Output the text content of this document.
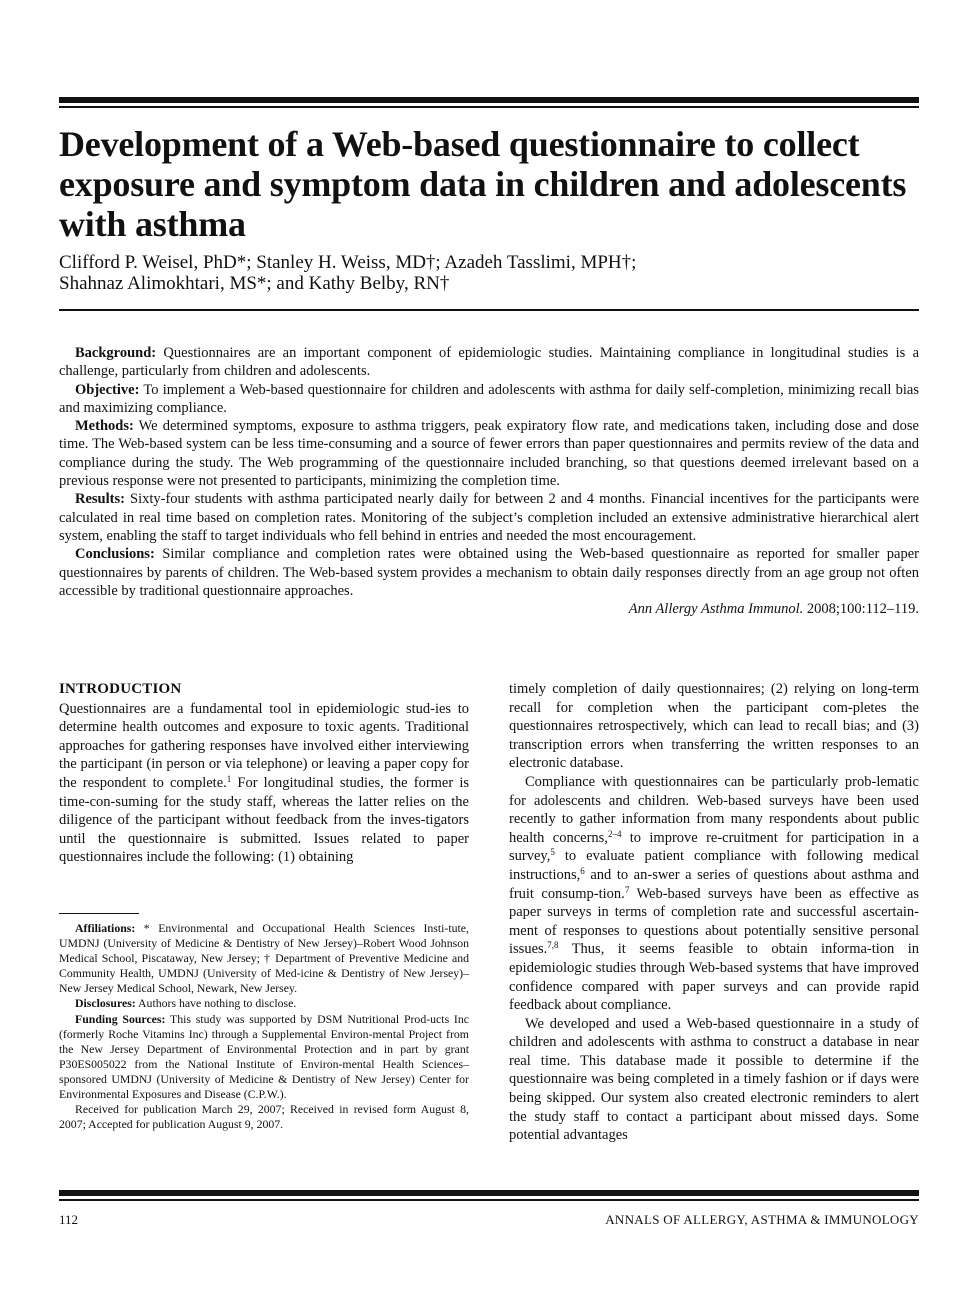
Development of a Web-based questionnaire to collect exposure and symptom data in children and adolescents with asthma
Clifford P. Weisel, PhD*; Stanley H. Weiss, MD†; Azadeh Tasslimi, MPH†;
Shahnaz Alimokhtari, MS*; and Kathy Belby, RN†

Background: Questionnaires are an important component of epidemiologic studies. Maintaining compliance in longitudinal studies is a challenge, particularly from children and adolescents.

Objective: To implement a Web-based questionnaire for children and adolescents with asthma for daily self-completion, minimizing recall bias and maximizing compliance.

Methods: We determined symptoms, exposure to asthma triggers, peak expiratory flow rate, and medications taken, including dose and dose time. The Web-based system can be less time-consuming and a source of fewer errors than paper questionnaires and permits review of the data and compliance during the study. The Web programming of the questionnaire included branching, so that questions deemed irrelevant based on a previous response were not presented to participants, minimizing the completion time.

Results: Sixty-four students with asthma participated nearly daily for between 2 and 4 months. Financial incentives for the participants were calculated in real time based on completion rates. Monitoring of the subject’s completion included an extensive administrative hierarchical alert system, enabling the staff to target individuals who fell behind in entries and needed the most encouragement.

Conclusions: Similar compliance and completion rates were obtained using the Web-based questionnaire as reported for smaller paper questionnaires by parents of children. The Web-based system provides a mechanism to obtain daily responses directly from an age group not often accessible by traditional questionnaire approaches.

Ann Allergy Asthma Immunol. 2008;100:112–119.
INTRODUCTION

Questionnaires are a fundamental tool in epidemiologic stud-ies to determine health outcomes and exposure to toxic agents. Traditional approaches for gathering responses have involved either interviewing the participant (in person or via telephone) or leaving a paper copy for the respondent to complete.$^1$ For longitudinal studies, the former is time-con-suming for the study staff, whereas the latter relies on the diligence of the participant without feedback from the inves-tigators until the questionnaire is submitted. Issues related to paper questionnaires include the following: (1) obtaining

Affiliations: * Environmental and Occupational Health Sciences Insti-tute, UMDNJ (University of Medicine & Dentistry of New Jersey)–Robert Wood Johnson Medical School, Piscataway, New Jersey; † Department of Preventive Medicine and Community Health, UMDNJ (University of Med-icine & Dentistry of New Jersey)–New Jersey Medical School, Newark, New Jersey.

Disclosures: Authors have nothing to disclose.

Funding Sources: This study was supported by DSM Nutritional Prod-ucts Inc (formerly Roche Vitamins Inc) through a Supplemental Environ-mental Project from the New Jersey Department of Environmental Protection and in part by grant P30ES005022 from the National Institute of Environ-mental Health Sciences–sponsored UMDNJ (University of Medicine & Dentistry of New Jersey) Center for Environmental Exposures and Disease (C.P.W.).

Received for publication March 29, 2007; Received in revised form August 8, 2007; Accepted for publication August 9, 2007.

timely completion of daily questionnaires; (2) relying on long-term recall for completion when the participant com-pletes the questionnaires retrospectively, which can lead to recall bias; and (3) transcription errors when transferring the written responses to an electronic database.

Compliance with questionnaires can be particularly prob-lematic for adolescents and children. Web-based surveys have been used recently to gather information from many respondents about public health concerns,$^{2-4}$ to improve re-cruitment for participation in a survey,$^5$ to evaluate patient compliance with following medical instructions,$^6$ and to an-swer a series of questions about asthma and fruit consump-tion.$^7$ Web-based surveys have been as effective as paper surveys in terms of completion rate and successful ascertain-ment of responses to questions about potentially sensitive personal issues.$^{7,8}$ Thus, it seems feasible to obtain informa-tion in epidemiologic studies through Web-based systems that have improved confidence compared with paper surveys and can provide rapid feedback about compliance.

We developed and used a Web-based questionnaire in a study of children and adolescents with asthma to construct a database in near real time. This database made it possible to determine if the questionnaire was being completed in a timely fashion or if days were being skipped. Our system also created electronic reminders to alert the study staff to contact a participant about missed days. Some potential advantages

112	ANNALS OF ALLERGY, ASTHMA & IMMUNOLOGY
